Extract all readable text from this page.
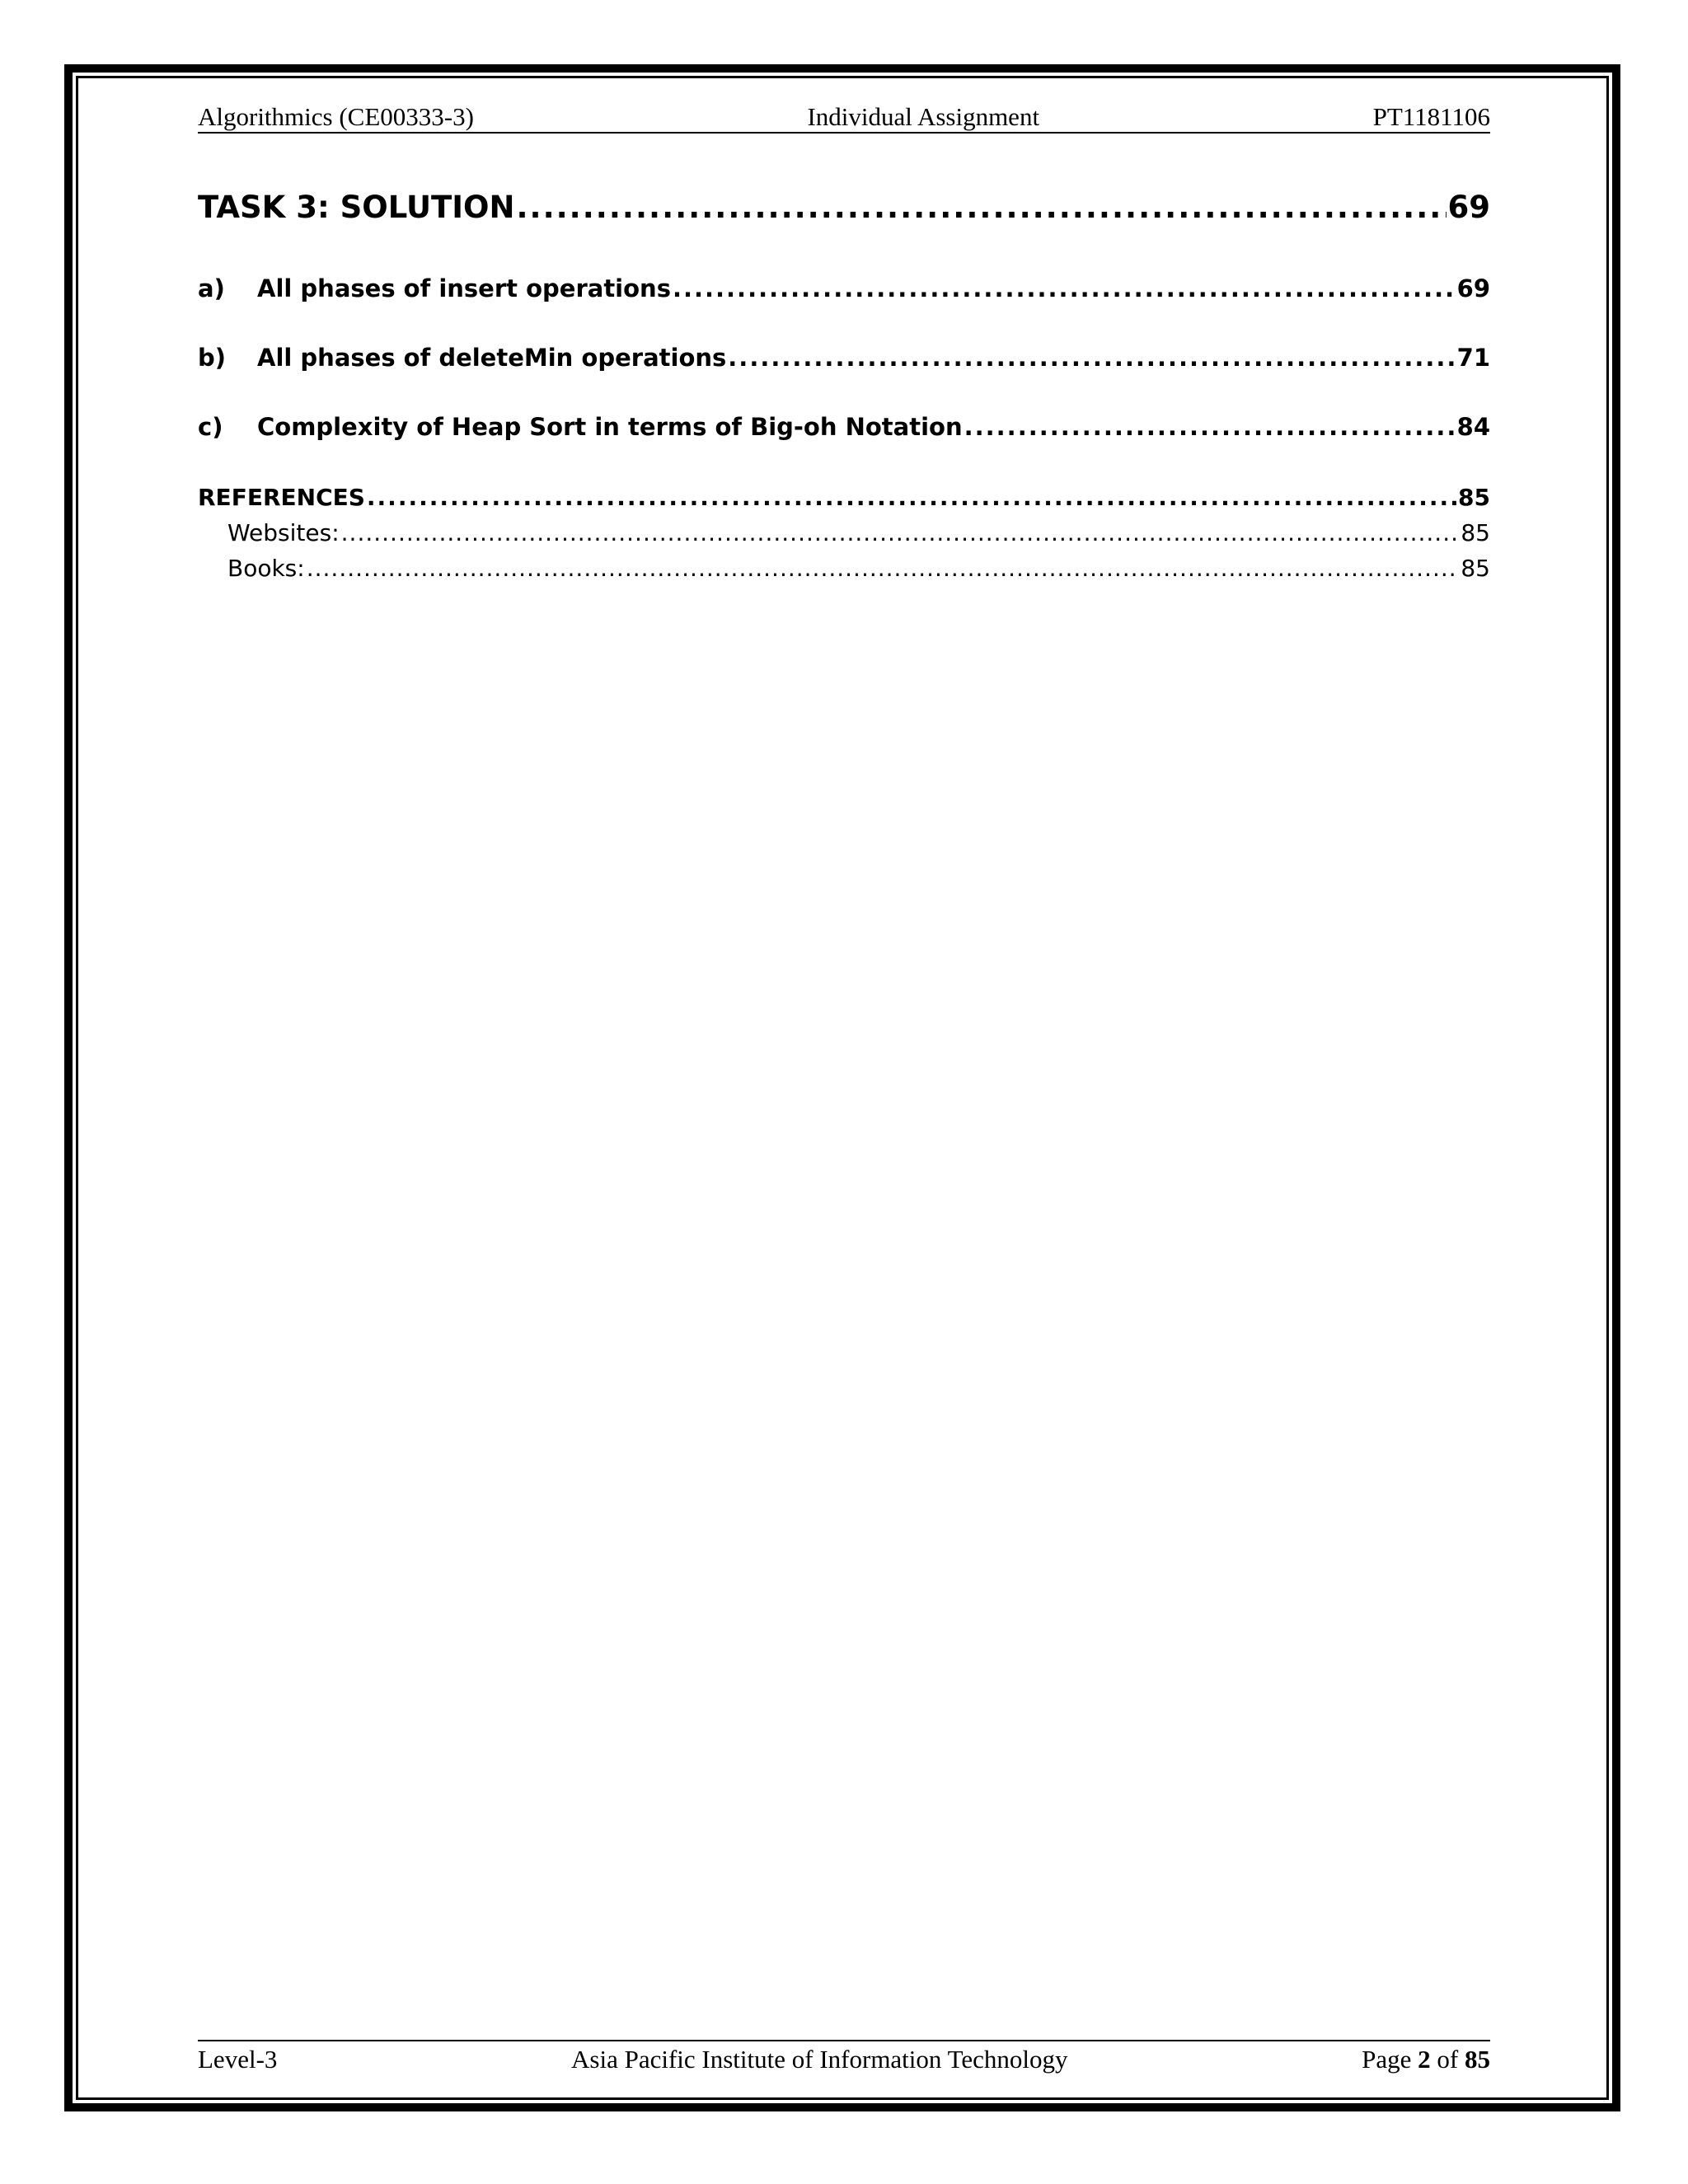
Algorithmics (CE00333-3)	Individual Assignment	PT1181106
TASK 3: SOLUTION .....	69
a) All phases of insert operations .....	69
b) All phases of deleteMin operations .....	71
c) Complexity of Heap Sort in terms of Big-oh Notation .....	84
REFERENCES .....	85
Websites: .....	85
Books: .....	85
Level-3	Asia Pacific Institute of Information Technology	Page 2 of 85
